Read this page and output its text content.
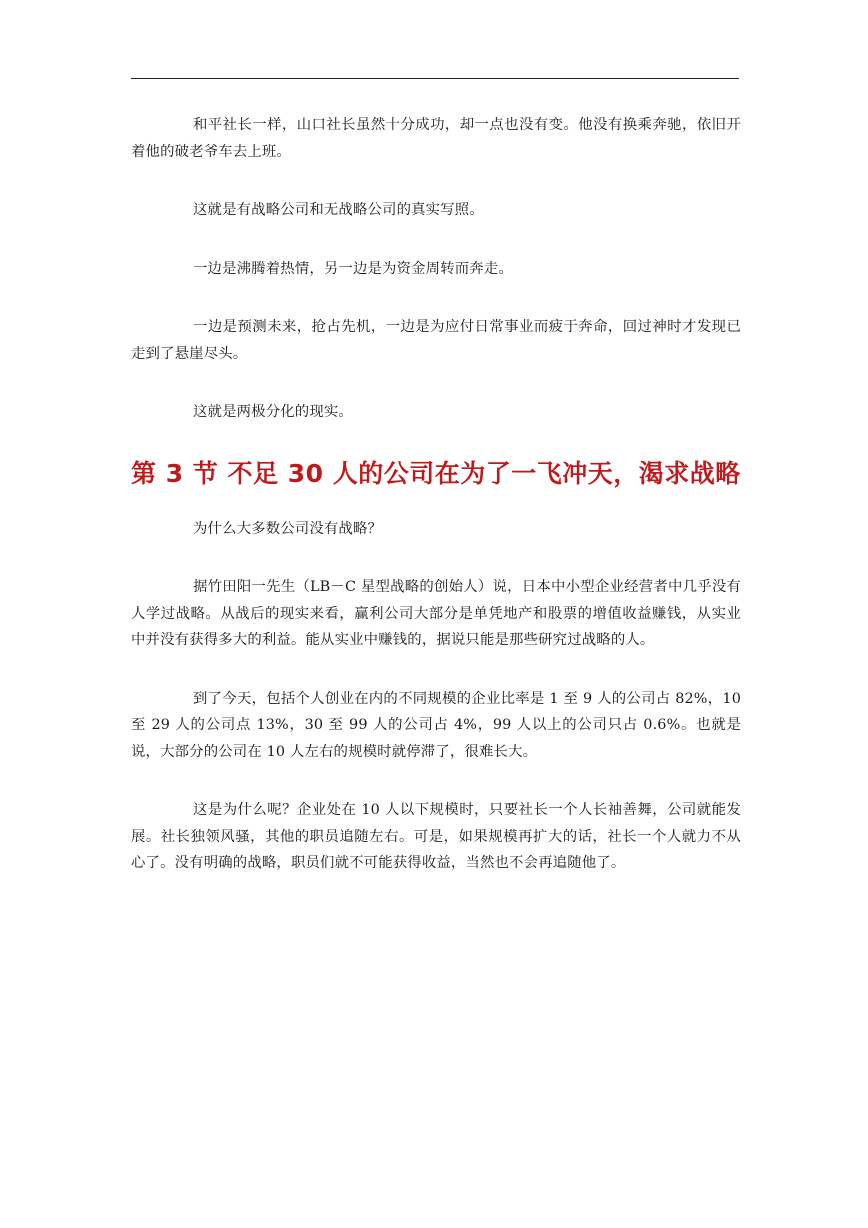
和平社长一样，山口社长虽然十分成功，却一点也没有变。他没有换乘奔驰，依旧开着他的破老爷车去上班。

这就是有战略公司和无战略公司的真实写照。

一边是沸腾着热情，另一边是为资金周转而奔走。

一边是预测未来，抢占先机，一边是为应付日常事业而疲于奔命，回过神时才发现已走到了悬崖尽头。

这就是两极分化的现实。

第 3 节 不足 30 人的公司在为了一飞冲天，渴求战略

为什么大多数公司没有战略？

据竹田阳一先生（LB－C 星型战略的创始人）说，日本中小型企业经营者中几乎没有人学过战略。从战后的现实来看，赢利公司大部分是单凭地产和股票的增值收益赚钱，从实业中并没有获得多大的利益。能从实业中赚钱的，据说只能是那些研究过战略的人。

到了今天，包括个人创业在内的不同规模的企业比率是 1 至 9 人的公司占 82%，10 至 29 人的公司点 13%，30 至 99 人的公司占 4%，99 人以上的公司只占 0.6%。也就是说，大部分的公司在 10 人左右的规模时就停滞了，很难长大。

这是为什么呢？企业处在 10 人以下规模时，只要社长一个人长袖善舞，公司就能发展。社长独领风骚，其他的职员追随左右。可是，如果规模再扩大的话，社长一个人就力不从心了。没有明确的战略，职员们就不可能获得收益，当然也不会再追随他了。
